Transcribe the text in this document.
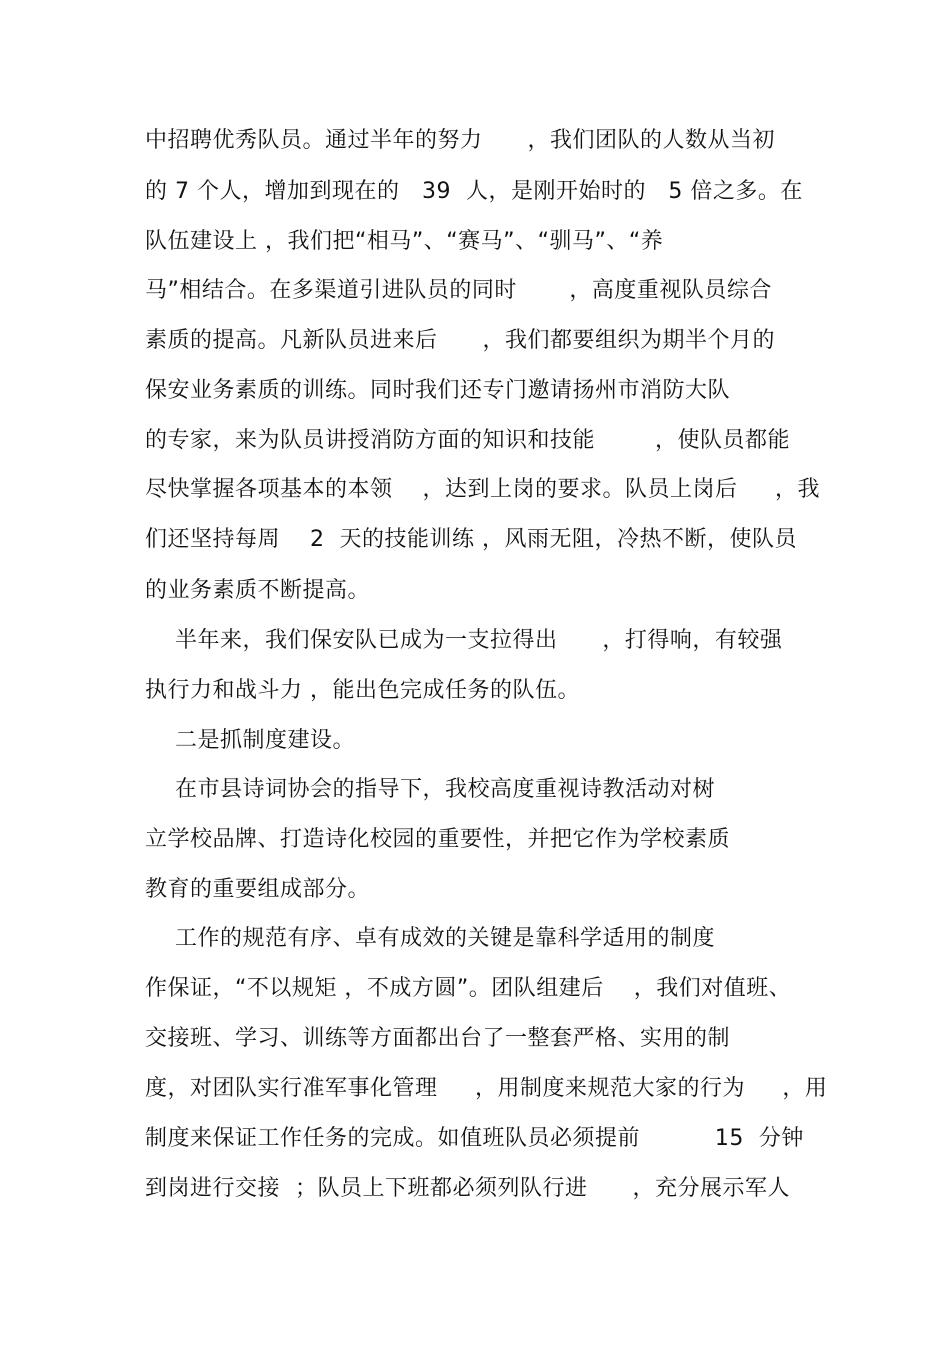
中招聘优秀队员。通过半年的努力      ，我们团队的人数从当初
的 7 个人，增加到现在的   39  人，是刚开始时的   5 倍之多。在
队伍建设上 ，我们把“相马”、“赛马”、“驯马”、“养
马”相结合。在多渠道引进队员的同时       ，高度重视队员综合
素质的提高。凡新队员进来后      ，我们都要组织为期半个月的
保安业务素质的训练。同时我们还专门邀请扬州市消防大队
的专家，来为队员讲授消防方面的知识和技能        ，使队员都能
尽快掌握各项基本的本领    ，达到上岗的要求。队员上岗后     ，我
们还坚持每周    2  天的技能训练 ，风雨无阻，冷热不断，使队员
的业务素质不断提高。
半年来，我们保安队已成为一支拉得出      ，打得响，有较强
执行力和战斗力 ，能出色完成任务的队伍。
二是抓制度建设。
在市县诗词协会的指导下，我校高度重视诗教活动对树
立学校品牌、打造诗化校园的重要性，并把它作为学校素质
教育的重要组成部分。
工作的规范有序、卓有成效的关键是靠科学适用的制度
作保证，“不以规矩 ，不成方圆”。团队组建后    ，我们对值班、
交接班、学习、训练等方面都出台了一整套严格、实用的制
度，对团队实行准军事化管理     ，用制度来规范大家的行为     ，用
制度来保证工作任务的完成。如值班队员必须提前          15  分钟
到岗进行交接  ；队员上下班都必须列队行进      ，充分展示军人
